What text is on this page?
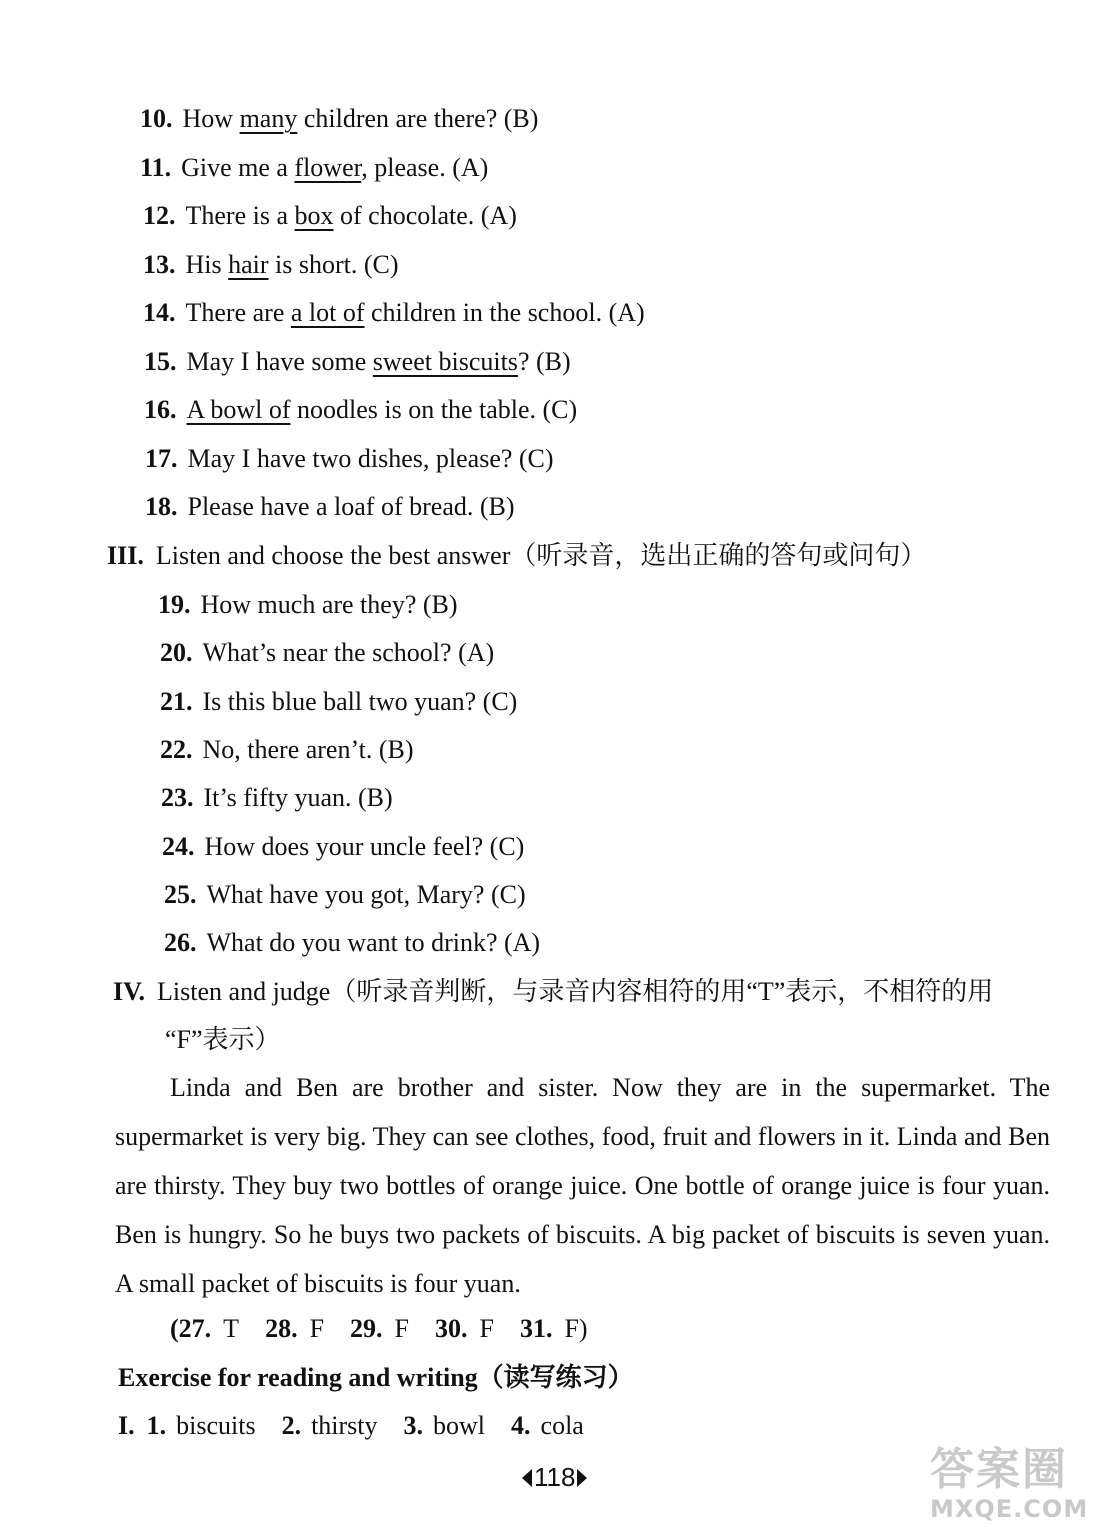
10. How many children are there? (B)
11. Give me a flower, please. (A)
12. There is a box of chocolate. (A)
13. His hair is short. (C)
14. There are a lot of children in the school. (A)
15. May I have some sweet biscuits? (B)
16. A bowl of noodles is on the table. (C)
17. May I have two dishes, please? (C)
18. Please have a loaf of bread. (B)
III. Listen and choose the best answer（听录音，选出正确的答句或问句）
19. How much are they? (B)
20. What’s near the school? (A)
21. Is this blue ball two yuan? (C)
22. No, there aren’t. (B)
23. It’s fifty yuan. (B)
24. How does your uncle feel? (C)
25. What have you got, Mary? (C)
26. What do you want to drink? (A)
IV. Listen and judge（听录音判断，与录音内容相符的用“T”表示，不相符的用
“F”表示）

Linda and Ben are brother and sister. Now they are in the supermarket. The supermarket is very big. They can see clothes, food, fruit and flowers in it. Linda and Ben are thirsty. They buy two bottles of orange juice. One bottle of orange juice is four yuan. Ben is hungry. So he buys two packets of biscuits. A big packet of biscuits is seven yuan. A small packet of biscuits is four yuan.

(27. T 28. F 29. F 30. F 31. F)
Exercise for reading and writing（读写练习）
I. 1. biscuits 2. thirsty 3. bowl 4. cola
118	答案圈
MXQE.COM
